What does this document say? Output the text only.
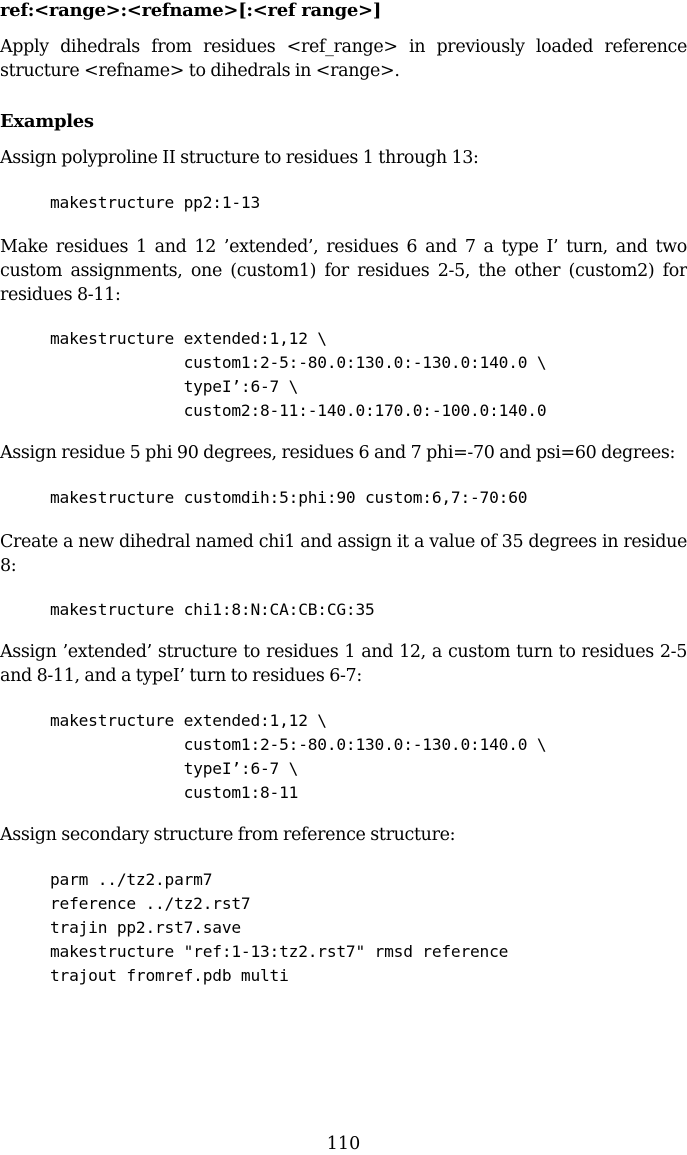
ref:<range>:<refname>[:<ref range>]
Apply dihedrals from residues <ref_range> in previously loaded reference structure <refname> to dihedrals in <range>.
Examples
Assign polyproline II structure to residues 1 through 13:
makestructure pp2:1-13
Make residues 1 and 12 ’extended’, residues 6 and 7 a type I’ turn, and two custom assignments, one (custom1) for residues 2-5, the other (custom2) for residues 8-11:
makestructure extended:1,12 \
custom1:2-5:-80.0:130.0:-130.0:140.0 \
typeI’:6-7 \
custom2:8-11:-140.0:170.0:-100.0:140.0
Assign residue 5 phi 90 degrees, residues 6 and 7 phi=-70 and psi=60 degrees:
makestructure customdih:5:phi:90 custom:6,7:-70:60
Create a new dihedral named chi1 and assign it a value of 35 degrees in residue 8:
makestructure chi1:8:N:CA:CB:CG:35
Assign ’extended’ structure to residues 1 and 12, a custom turn to residues 2-5 and 8-11, and a typeI’ turn to residues 6-7:
makestructure extended:1,12 \
custom1:2-5:-80.0:130.0:-130.0:140.0 \
typeI’:6-7 \
custom1:8-11
Assign secondary structure from reference structure:
parm ../tz2.parm7
reference ../tz2.rst7
trajin pp2.rst7.save
makestructure "ref:1-13:tz2.rst7" rmsd reference
trajout fromref.pdb multi
110
